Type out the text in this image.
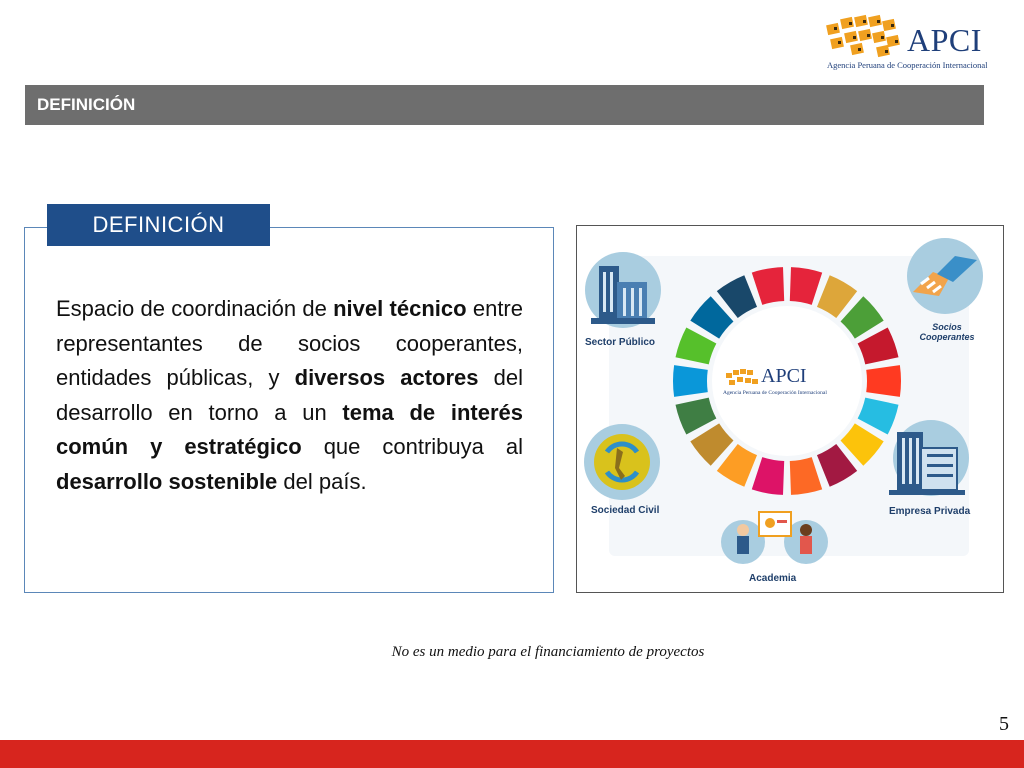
APCI
Agencia Peruana de Cooperación Internacional
DEFINICIÓN
DEFINICIÓN
Espacio de coordinación de nivel técnico entre representantes de socios cooperantes, entidades públicas, y diversos actores del desarrollo en torno a un tema de interés común y estratégico que contribuya al desarrollo sostenible del país.
APCI
Agencia Peruana de Cooperación Internacional
Sector Público
Socios
Cooperantes
Sociedad Civil	Empresa Privada
Academia
No es un medio para el financiamiento de proyectos
5
